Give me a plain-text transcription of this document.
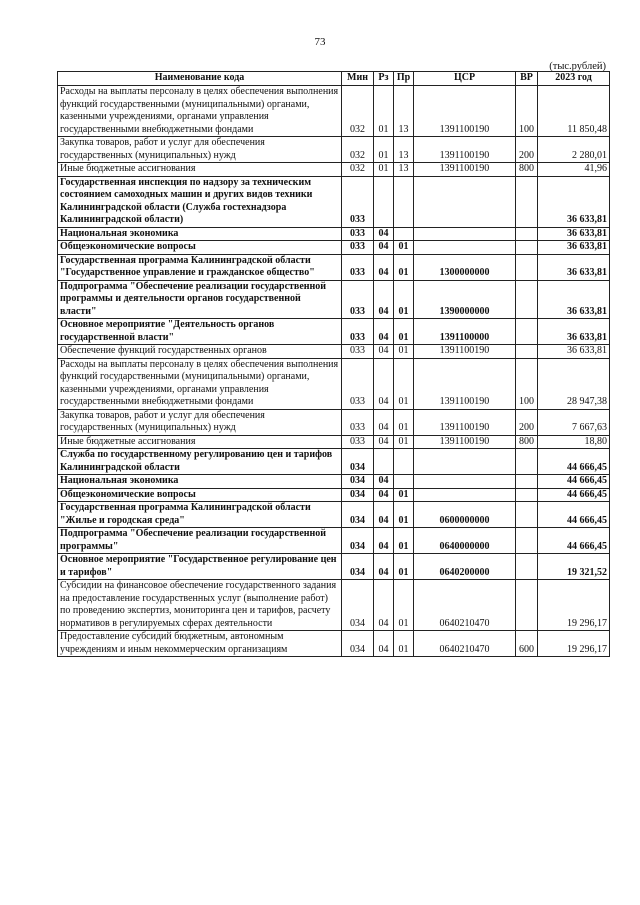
73
(тыс.рублей)
Наименование кода	Мин	Рз	Пр	ЦСР	ВР	2023 год
Расходы на выплаты персоналу в целях обеспечения выполнения функций государственными (муниципальными) органами, казенными учреждениями, органами управления государственными внебюджетными фондами	032	01	13	1391100190	100	11 850,48
Закупка товаров, работ и услуг для обеспечения государственных (муниципальных) нужд	032	01	13	1391100190	200	2 280,01
Иные бюджетные ассигнования	032	01	13	1391100190	800	41,96
Государственная инспекция по надзору за техническим состоянием самоходных машин и других видов техники Калининградской области (Служба гостехнадзора Калининградской области)	033					36 633,81
Национальная экономика	033	04				36 633,81
Общеэкономические вопросы	033	04	01			36 633,81
Государственная программа Калининградской области "Государственное управление и гражданское общество"	033	04	01	1300000000		36 633,81
Подпрограмма "Обеспечение реализации государственной программы и деятельности органов государственной власти"	033	04	01	1390000000		36 633,81
Основное мероприятие "Деятельность органов государственной власти"	033	04	01	1391100000		36 633,81
Обеспечение функций государственных органов	033	04	01	1391100190		36 633,81
Расходы на выплаты персоналу в целях обеспечения выполнения функций государственными (муниципальными) органами, казенными учреждениями, органами управления государственными внебюджетными фондами	033	04	01	1391100190	100	28 947,38
Закупка товаров, работ и услуг для обеспечения государственных (муниципальных) нужд	033	04	01	1391100190	200	7 667,63
Иные бюджетные ассигнования	033	04	01	1391100190	800	18,80
Служба по государственному регулированию цен и тарифов Калининградской области	034					44 666,45
Национальная экономика	034	04				44 666,45
Общеэкономические вопросы	034	04	01			44 666,45
Государственная программа Калининградской области "Жилье и городская среда"	034	04	01	0600000000		44 666,45
Подпрограмма "Обеспечение реализации государственной программы"	034	04	01	0640000000		44 666,45
Основное мероприятие "Государственное регулирование цен и тарифов"	034	04	01	0640200000		19 321,52
Субсидии на финансовое обеспечение государственного задания на предоставление государственных услуг (выполнение работ) по проведению экспертиз, мониторинга цен и тарифов, расчету нормативов в регулируемых сферах деятельности	034	04	01	0640210470		19 296,17
Предоставление субсидий бюджетным, автономным учреждениям и иным некоммерческим организациям	034	04	01	0640210470	600	19 296,17
